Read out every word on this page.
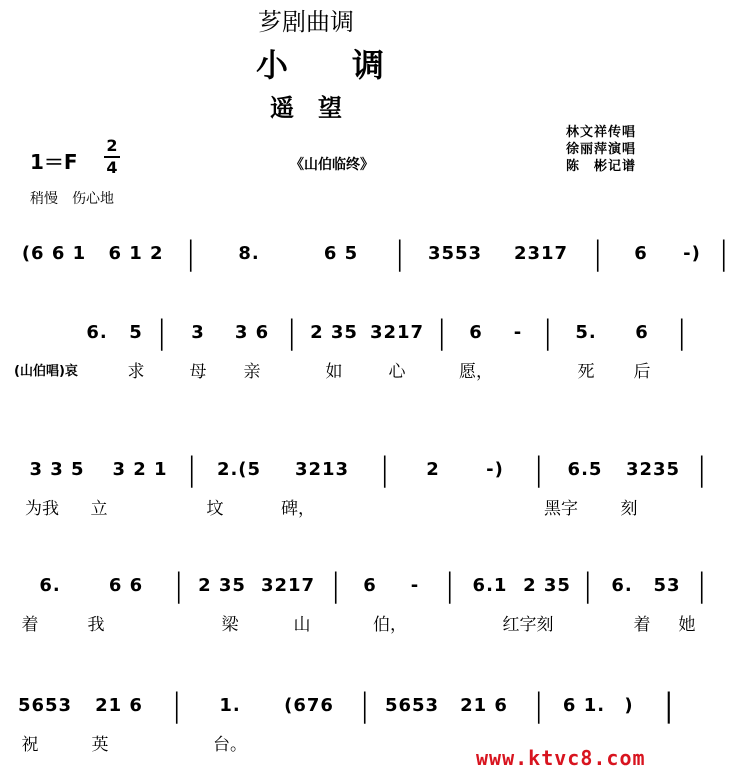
芗剧曲调
小　　调
遥　望
1＝F
2
4	《山伯临终》
林文祥传唱
徐丽萍演唱
陈　彬记谱
稍慢　伤心地
(6 6 1	6 1 2 |	8.	6 5	|	3553	2317 |	6	-) |
6.	5 |	3	3 6 | 2 35 3217 |	6	- |	5.	6 |
(山伯唱)哀	求	母	亲	如	心	愿，	死	后
3 3 5	3 2 1 |	2.(5	3213	|	2	-) |	6.5	3235 |
为我	立	坟	碑，	黑字	刻
6.	6 6	| 2 35 3217 |	6	- |	6.1 2 35 |	6.	53 |
着	我	梁	山	伯，	红字刻	着	她
5653	21 6 |	1.	(676 | 5653	21 6 |	6 1.	) |
祝	英	台。
www.ktvc8.com
